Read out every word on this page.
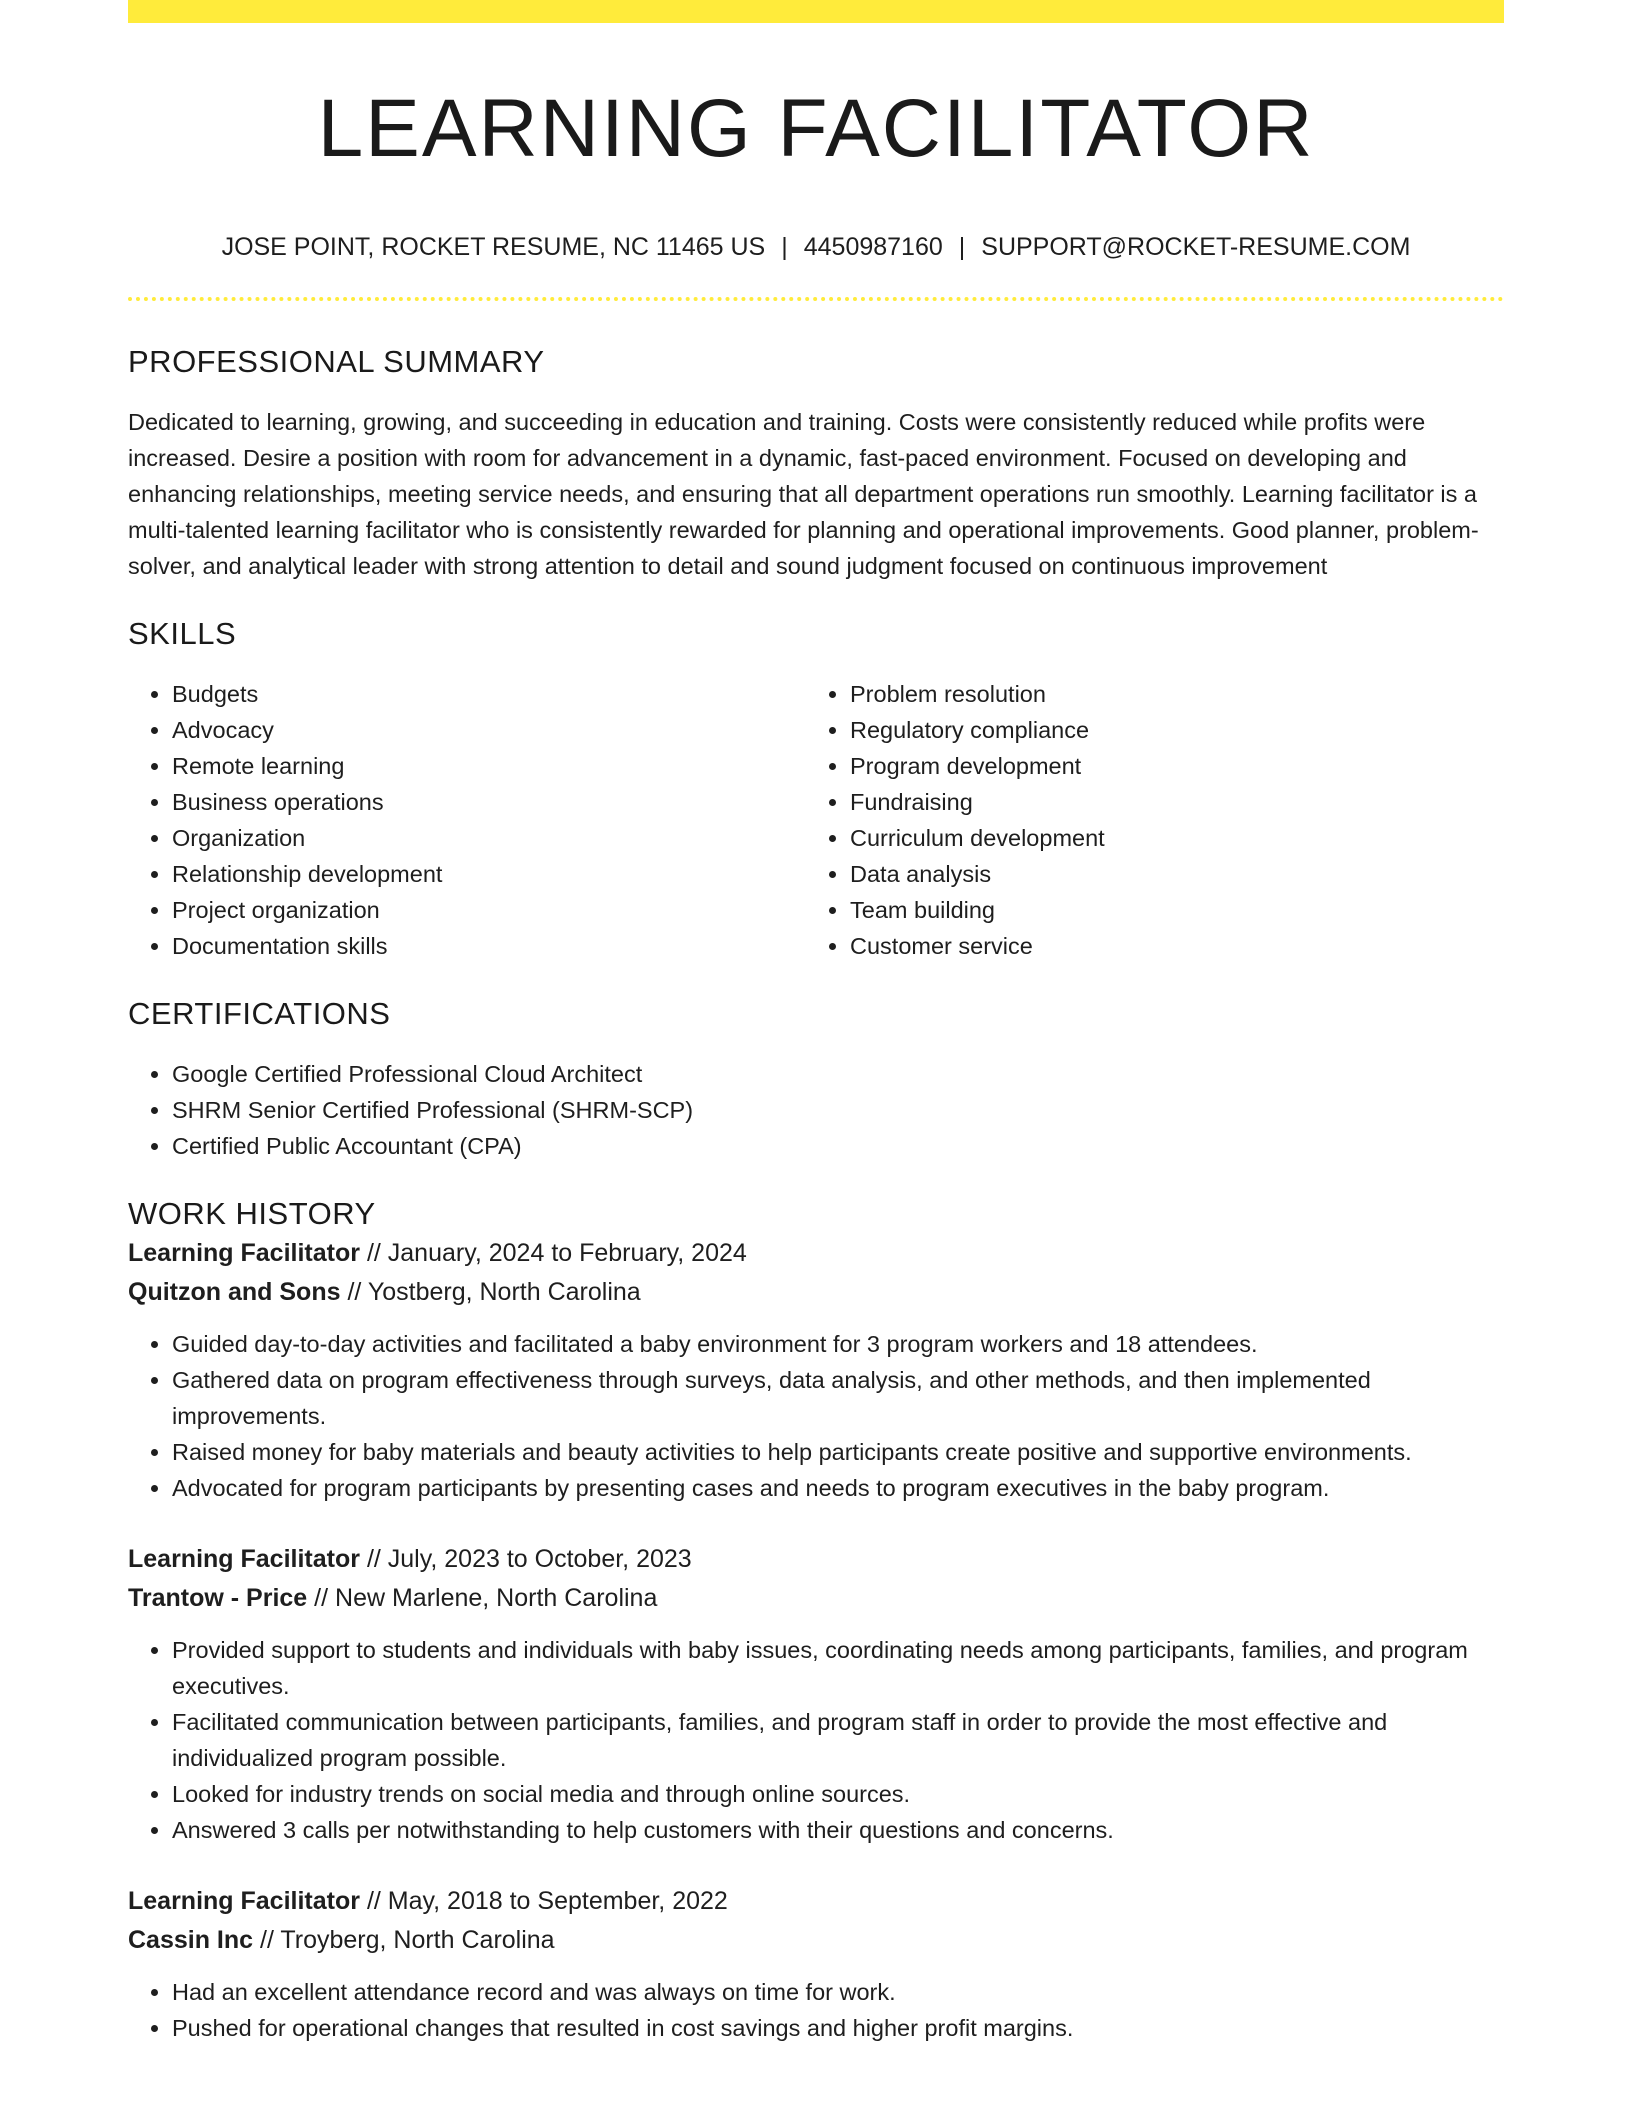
LEARNING FACILITATOR
JOSE POINT, ROCKET RESUME, NC 11465 US | 4450987160 | SUPPORT@ROCKET-RESUME.COM
PROFESSIONAL SUMMARY
Dedicated to learning, growing, and succeeding in education and training. Costs were consistently reduced while profits were increased. Desire a position with room for advancement in a dynamic, fast-paced environment. Focused on developing and enhancing relationships, meeting service needs, and ensuring that all department operations run smoothly. Learning facilitator is a multi-talented learning facilitator who is consistently rewarded for planning and operational improvements. Good planner, problem-solver, and analytical leader with strong attention to detail and sound judgment focused on continuous improvement
SKILLS
• Budgets
• Advocacy
• Remote learning
• Business operations
• Organization
• Relationship development
• Project organization
• Documentation skills
• Problem resolution
• Regulatory compliance
• Program development
• Fundraising
• Curriculum development
• Data analysis
• Team building
• Customer service
CERTIFICATIONS
• Google Certified Professional Cloud Architect
• SHRM Senior Certified Professional (SHRM-SCP)
• Certified Public Accountant (CPA)
WORK HISTORY
Learning Facilitator // January, 2024 to February, 2024
Quitzon and Sons // Yostberg, North Carolina
• Guided day-to-day activities and facilitated a baby environment for 3 program workers and 18 attendees.
• Gathered data on program effectiveness through surveys, data analysis, and other methods, and then implemented improvements.
• Raised money for baby materials and beauty activities to help participants create positive and supportive environments.
• Advocated for program participants by presenting cases and needs to program executives in the baby program.
Learning Facilitator // July, 2023 to October, 2023
Trantow - Price // New Marlene, North Carolina
• Provided support to students and individuals with baby issues, coordinating needs among participants, families, and program executives.
• Facilitated communication between participants, families, and program staff in order to provide the most effective and individualized program possible.
• Looked for industry trends on social media and through online sources.
• Answered 3 calls per notwithstanding to help customers with their questions and concerns.
Learning Facilitator // May, 2018 to September, 2022
Cassin Inc // Troyberg, North Carolina
• Had an excellent attendance record and was always on time for work.
• Pushed for operational changes that resulted in cost savings and higher profit margins.
